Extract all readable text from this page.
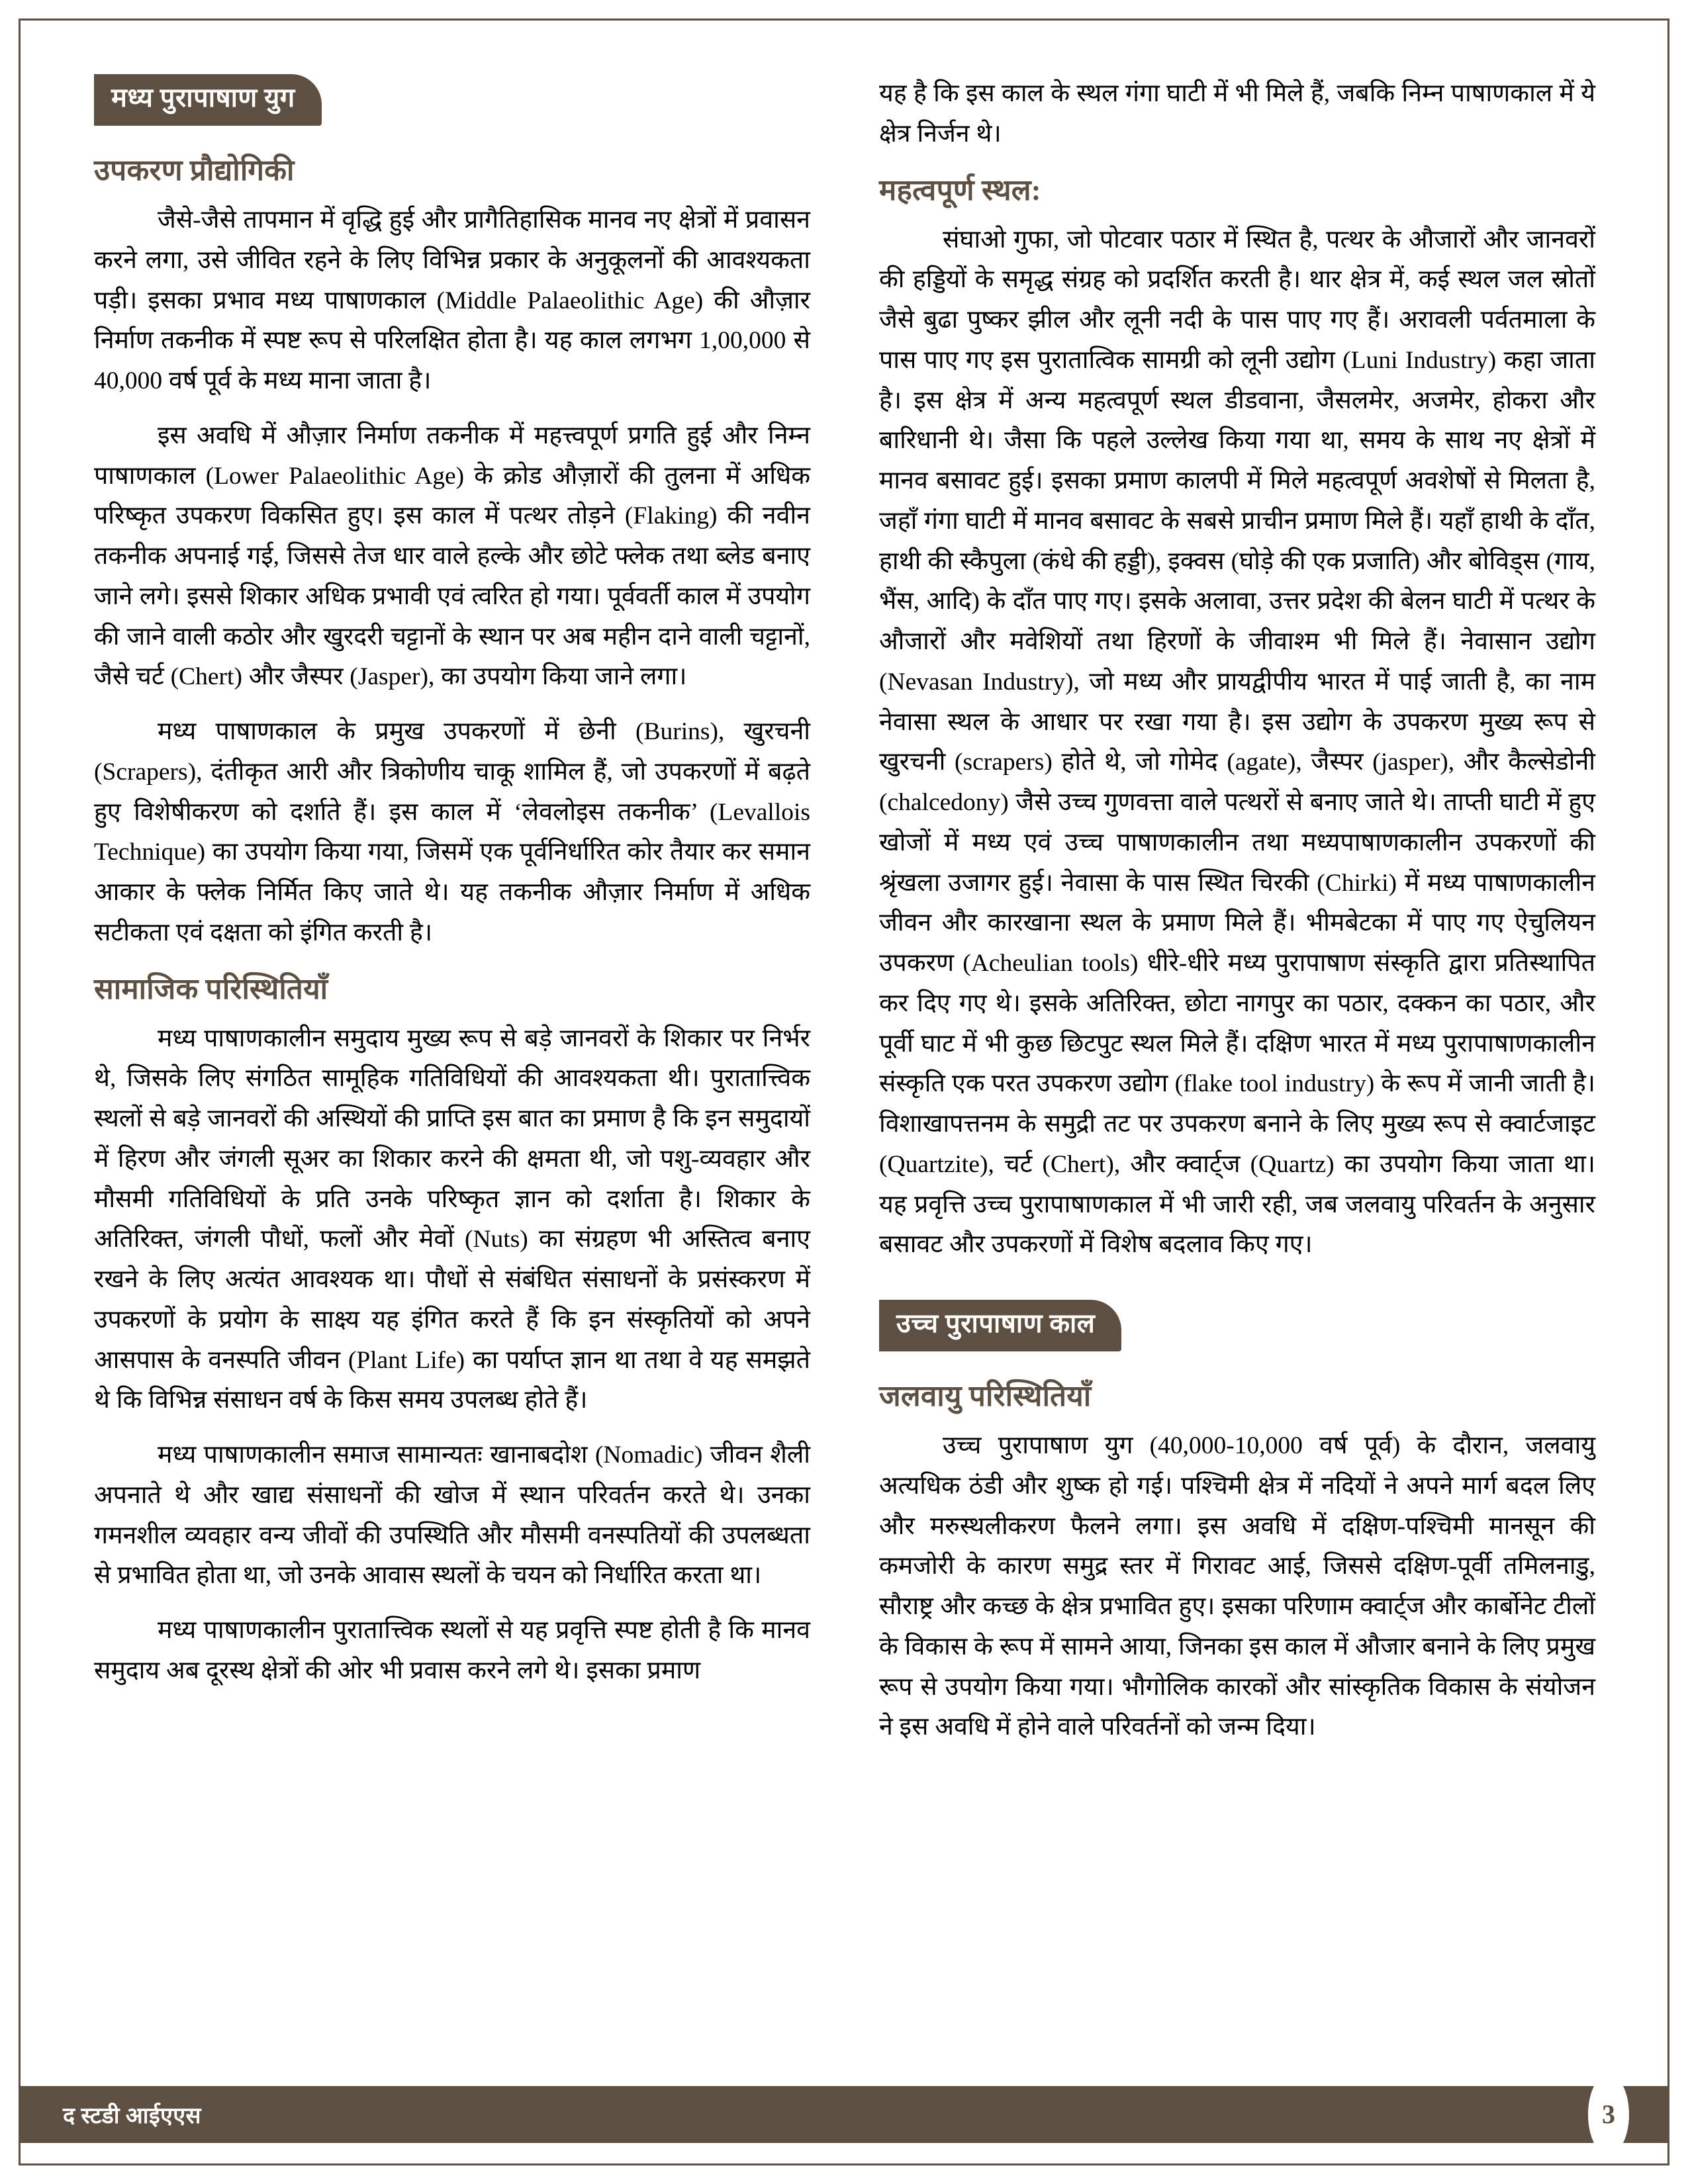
मध्य पुरापाषाण युग
उपकरण प्रौद्योगिकी

जैसे-जैसे तापमान में वृद्धि हुई और प्रागैतिहासिक मानव नए क्षेत्रों में प्रवासन करने लगा, उसे जीवित रहने के लिए विभिन्न प्रकार के अनुकूलनों की आवश्यकता पड़ी। इसका प्रभाव मध्य पाषाणकाल (Middle Palaeolithic Age) की औज़ार निर्माण तकनीक में स्पष्ट रूप से परिलक्षित होता है। यह काल लगभग 1,00,000 से 40,000 वर्ष पूर्व के मध्य माना जाता है।

इस अवधि में औज़ार निर्माण तकनीक में महत्त्वपूर्ण प्रगति हुई और निम्न पाषाणकाल (Lower Palaeolithic Age) के क्रोड औज़ारों की तुलना में अधिक परिष्कृत उपकरण विकसित हुए। इस काल में पत्थर तोड़ने (Flaking) की नवीन तकनीक अपनाई गई, जिससे तेज धार वाले हल्के और छोटे फ्लेक तथा ब्लेड बनाए जाने लगे। इससे शिकार अधिक प्रभावी एवं त्वरित हो गया। पूर्ववर्ती काल में उपयोग की जाने वाली कठोर और खुरदरी चट्टानों के स्थान पर अब महीन दाने वाली चट्टानों, जैसे चर्ट (Chert) और जैस्पर (Jasper), का उपयोग किया जाने लगा।

मध्य पाषाणकाल के प्रमुख उपकरणों में छेनी (Burins), खुरचनी (Scrapers), दंतीकृत आरी और त्रिकोणीय चाकू शामिल हैं, जो उपकरणों में बढ़ते हुए विशेषीकरण को दर्शाते हैं। इस काल में ‘लेवलोइस तकनीक’ (Levallois Technique) का उपयोग किया गया, जिसमें एक पूर्वनिर्धारित कोर तैयार कर समान आकार के फ्लेक निर्मित किए जाते थे। यह तकनीक औज़ार निर्माण में अधिक सटीकता एवं दक्षता को इंगित करती है।

सामाजिक परिस्थितियाँ

मध्य पाषाणकालीन समुदाय मुख्य रूप से बड़े जानवरों के शिकार पर निर्भर थे, जिसके लिए संगठित सामूहिक गतिविधियों की आवश्यकता थी। पुरातात्त्विक स्थलों से बड़े जानवरों की अस्थियों की प्राप्ति इस बात का प्रमाण है कि इन समुदायों में हिरण और जंगली सूअर का शिकार करने की क्षमता थी, जो पशु-व्यवहार और मौसमी गतिविधियों के प्रति उनके परिष्कृत ज्ञान को दर्शाता है। शिकार के अतिरिक्त, जंगली पौधों, फलों और मेवों (Nuts) का संग्रहण भी अस्तित्व बनाए रखने के लिए अत्यंत आवश्यक था। पौधों से संबंधित संसाधनों के प्रसंस्करण में उपकरणों के प्रयोग के साक्ष्य यह इंगित करते हैं कि इन संस्कृतियों को अपने आसपास के वनस्पति जीवन (Plant Life) का पर्याप्त ज्ञान था तथा वे यह समझते थे कि विभिन्न संसाधन वर्ष के किस समय उपलब्ध होते हैं।

मध्य पाषाणकालीन समाज सामान्यतः खानाबदोश (Nomadic) जीवन शैली अपनाते थे और खाद्य संसाधनों की खोज में स्थान परिवर्तन करते थे। उनका गमनशील व्यवहार वन्य जीवों की उपस्थिति और मौसमी वनस्पतियों की उपलब्धता से प्रभावित होता था, जो उनके आवास स्थलों के चयन को निर्धारित करता था।

मध्य पाषाणकालीन पुरातात्त्विक स्थलों से यह प्रवृत्ति स्पष्ट होती है कि मानव समुदाय अब दूरस्थ क्षेत्रों की ओर भी प्रवास करने लगे थे। इसका प्रमाण

यह है कि इस काल के स्थल गंगा घाटी में भी मिले हैं, जबकि निम्न पाषाणकाल में ये क्षेत्र निर्जन थे।

महत्वपूर्ण स्थल:

संघाओ गुफा, जो पोटवार पठार में स्थित है, पत्थर के औजारों और जानवरों की हड्डियों के समृद्ध संग्रह को प्रदर्शित करती है। थार क्षेत्र में, कई स्थल जल स्रोतों जैसे बुढा पुष्कर झील और लूनी नदी के पास पाए गए हैं। अरावली पर्वतमाला के पास पाए गए इस पुरातात्विक सामग्री को लूनी उद्योग (Luni Industry) कहा जाता है। इस क्षेत्र में अन्य महत्वपूर्ण स्थल डीडवाना, जैसलमेर, अजमेर, होकरा और बारिधानी थे। जैसा कि पहले उल्लेख किया गया था, समय के साथ नए क्षेत्रों में मानव बसावट हुई। इसका प्रमाण कालपी में मिले महत्वपूर्ण अवशेषों से मिलता है, जहाँ गंगा घाटी में मानव बसावट के सबसे प्राचीन प्रमाण मिले हैं। यहाँ हाथी के दाँत, हाथी की स्कैपुला (कंधे की हड्डी), इक्वस (घोड़े की एक प्रजाति) और बोविड्स (गाय, भैंस, आदि) के दाँत पाए गए। इसके अलावा, उत्तर प्रदेश की बेलन घाटी में पत्थर के औजारों और मवेशियों तथा हिरणों के जीवाश्म भी मिले हैं। नेवासान उद्योग (Nevasan Industry), जो मध्य और प्रायद्वीपीय भारत में पाई जाती है, का नाम नेवासा स्थल के आधार पर रखा गया है। इस उद्योग के उपकरण मुख्य रूप से खुरचनी (scrapers) होते थे, जो गोमेद (agate), जैस्पर (jasper), और कैल्सेडोनी (chalcedony) जैसे उच्च गुणवत्ता वाले पत्थरों से बनाए जाते थे। ताप्ती घाटी में हुए खोजों में मध्य एवं उच्च पाषाणकालीन तथा मध्यपाषाणकालीन उपकरणों की श्रृंखला उजागर हुई। नेवासा के पास स्थित चिरकी (Chirki) में मध्य पाषाणकालीन जीवन और कारखाना स्थल के प्रमाण मिले हैं। भीमबेटका में पाए गए ऐचुलियन उपकरण (Acheulian tools) धीरे-धीरे मध्य पुरापाषाण संस्कृति द्वारा प्रतिस्थापित कर दिए गए थे। इसके अतिरिक्त, छोटा नागपुर का पठार, दक्कन का पठार, और पूर्वी घाट में भी कुछ छिटपुट स्थल मिले हैं। दक्षिण भारत में मध्य पुरापाषाणकालीन संस्कृति एक परत उपकरण उद्योग (flake tool industry) के रूप में जानी जाती है। विशाखापत्तनम के समुद्री तट पर उपकरण बनाने के लिए मुख्य रूप से क्वार्टजाइट (Quartzite), चर्ट (Chert), और क्वार्ट्ज (Quartz) का उपयोग किया जाता था। यह प्रवृत्ति उच्च पुरापाषाणकाल में भी जारी रही, जब जलवायु परिवर्तन के अनुसार बसावट और उपकरणों में विशेष बदलाव किए गए।

उच्च पुरापाषाण काल
जलवायु परिस्थितियाँ

उच्च पुरापाषाण युग (40,000-10,000 वर्ष पूर्व) के दौरान, जलवायु अत्यधिक ठंडी और शुष्क हो गई। पश्चिमी क्षेत्र में नदियों ने अपने मार्ग बदल लिए और मरुस्थलीकरण फैलने लगा। इस अवधि में दक्षिण-पश्चिमी मानसून की कमजोरी के कारण समुद्र स्तर में गिरावट आई, जिससे दक्षिण-पूर्वी तमिलनाडु, सौराष्ट्र और कच्छ के क्षेत्र प्रभावित हुए। इसका परिणाम क्वार्ट्ज और कार्बोनेट टीलों के विकास के रूप में सामने आया, जिनका इस काल में औजार बनाने के लिए प्रमुख रूप से उपयोग किया गया। भौगोलिक कारकों और सांस्कृतिक विकास के संयोजन ने इस अवधि में होने वाले परिवर्तनों को जन्म दिया।

द स्टडी आईएएस	3
